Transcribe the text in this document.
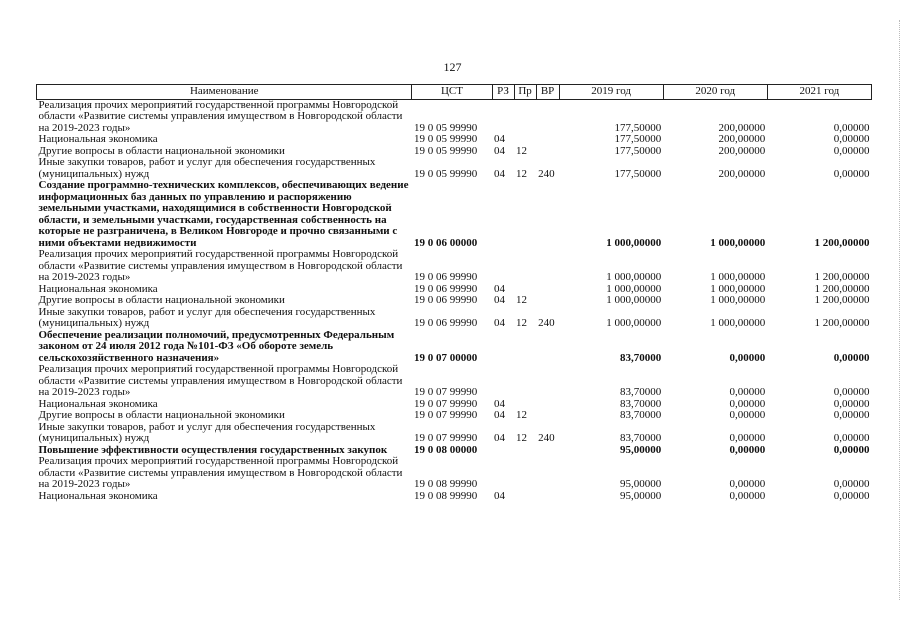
127
Наименование	ЦСТ	РЗ	Пр	ВР	2019 год	2020 год	2021 год
Реализация прочих мероприятий государственной программы Новгородской области «Развитие системы управления имуществом в Новгородской области на 2019-2023 годы»	19 0 05 99990				177,50000	200,00000	0,00000
Национальная экономика	19 0 05 99990	04			177,50000	200,00000	0,00000
Другие вопросы в области национальной экономики	19 0 05 99990	04	12		177,50000	200,00000	0,00000
Иные закупки товаров, работ и услуг для обеспечения государственных (муниципальных) нужд	19 0 05 99990	04	12	240	177,50000	200,00000	0,00000
Создание программно-технических комплексов, обеспечивающих ведение информационных баз данных по управлению и распоряжению земельными участками, находящимися в собственности Новгородской области, и земельными участками, государственная собственность на которые не разграничена, в Великом Новгороде и прочно связанными с ними объектами недвижимости	19 0 06 00000				1 000,00000	1 000,00000	1 200,00000
Реализация прочих мероприятий государственной программы Новгородской области «Развитие системы управления имуществом в Новгородской области на 2019-2023 годы»	19 0 06 99990				1 000,00000	1 000,00000	1 200,00000
Национальная экономика	19 0 06 99990	04			1 000,00000	1 000,00000	1 200,00000
Другие вопросы в области национальной экономики	19 0 06 99990	04	12		1 000,00000	1 000,00000	1 200,00000
Иные закупки товаров, работ и услуг для обеспечения государственных (муниципальных) нужд	19 0 06 99990	04	12	240	1 000,00000	1 000,00000	1 200,00000
Обеспечение реализации полномочий, предусмотренных Федеральным законом от 24 июля 2012 года №101-ФЗ «Об обороте земель сельскохозяйственного назначения»	19 0 07 00000				83,70000	0,00000	0,00000
Реализация прочих мероприятий государственной программы Новгородской области «Развитие системы управления имуществом в Новгородской области на 2019-2023 годы»	19 0 07 99990				83,70000	0,00000	0,00000
Национальная экономика	19 0 07 99990	04			83,70000	0,00000	0,00000
Другие вопросы в области национальной экономики	19 0 07 99990	04	12		83,70000	0,00000	0,00000
Иные закупки товаров, работ и услуг для обеспечения государственных (муниципальных) нужд	19 0 07 99990	04	12	240	83,70000	0,00000	0,00000
Повышение эффективности осуществления государственных закупок	19 0 08 00000				95,00000	0,00000	0,00000
Реализация прочих мероприятий государственной программы Новгородской области «Развитие системы управления имуществом в Новгородской области на 2019-2023 годы»	19 0 08 99990				95,00000	0,00000	0,00000
Национальная экономика	19 0 08 99990	04			95,00000	0,00000	0,00000
